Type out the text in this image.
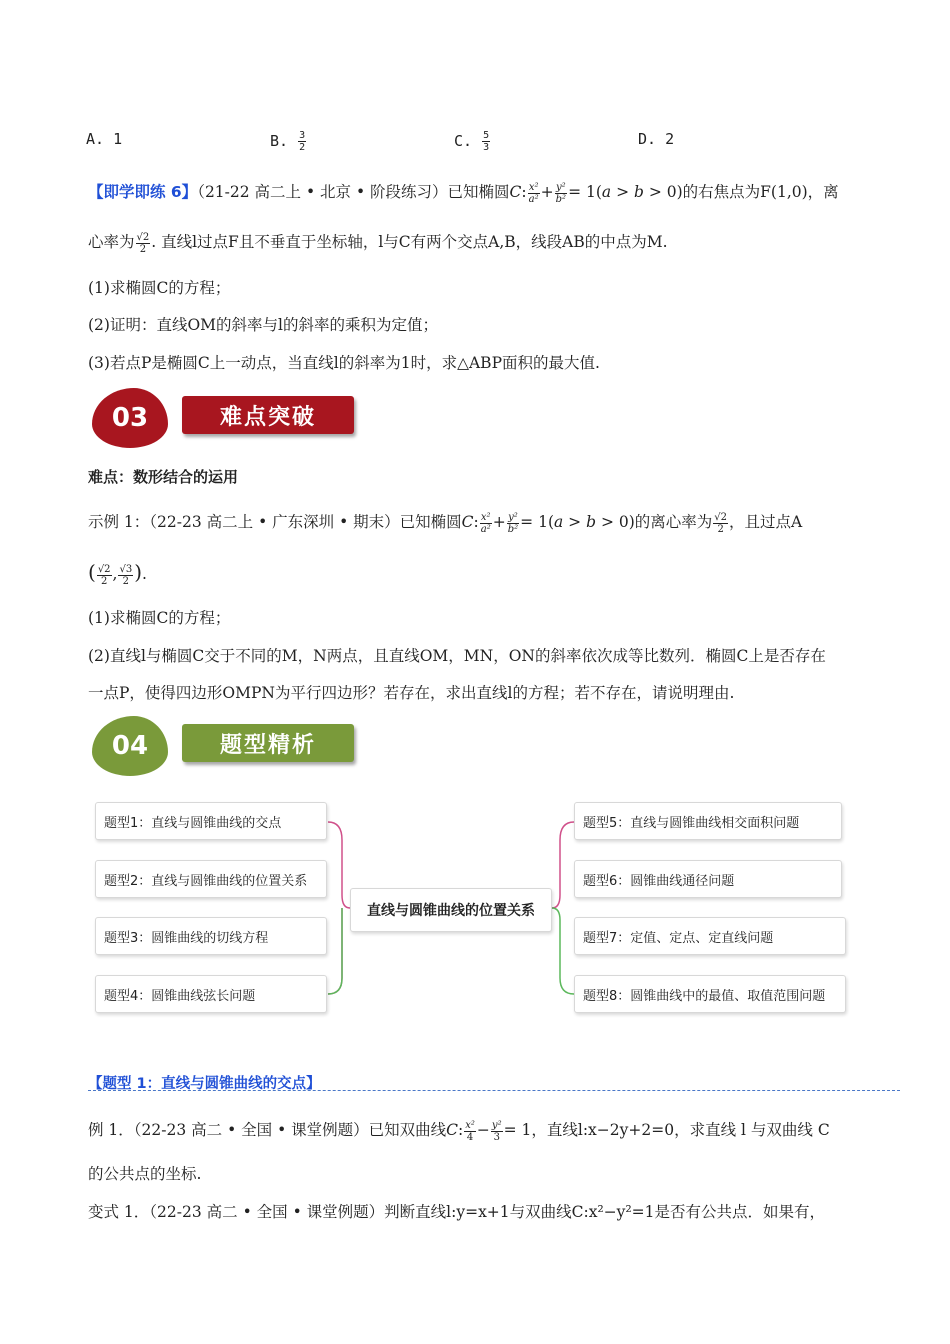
A. 1	B. $\frac{3}{2}$	C. $\frac{5}{3}$	D. 2
【即学即练 6】（21-22 高二上 • 北京 • 阶段练习）已知椭圆C: $\frac{\text{x²}}{\text{a²}} + \frac{\text{y²}}{\text{b²}} = 1(a > b > 0)$的右焦点为F(1,0)，离
心率为 $\frac{√2}{2}$ . 直线l过点F且不垂直于坐标轴，l与C有两个交点A,B，线段AB的中点为M.
(1)求椭圆C的方程；
(2)证明：直线OM的斜率与l的斜率的乘积为定值；
(3)若点P是椭圆C上一动点，当直线l的斜率为1时，求△ABP面积的最大值.
03	难点突破
难点：数形结合的运用
示例 1：（22-23 高二上 • 广东深圳 • 期末）已知椭圆C: $\frac{\text{x²}}{\text{a²}} + \frac{\text{y²}}{\text{b²}} = 1(a > b > 0)$的离心率为 $\frac{√2}{2}$ ，且过点A
( $\frac{√2}{2}$ , $\frac{√3}{2}$ ).
(1)求椭圆C的方程；
(2)直线l与椭圆C交于不同的M，N两点，且直线OM，MN，ON的斜率依次成等比数列．椭圆C上是否存在
一点P，使得四边形OMPN为平行四边形？若存在，求出直线l的方程；若不存在，请说明理由.
04	题型精析
题型1：直线与圆锥曲线的交点
题型2：直线与圆锥曲线的位置关系
题型3：圆锥曲线的切线方程
题型4：圆锥曲线弦长问题
直线与圆锥曲线的位置关系
题型5：直线与圆锥曲线相交面积问题
题型6：圆锥曲线通径问题
题型7：定值、定点、定直线问题
题型8：圆锥曲线中的最值、取值范围问题
【题型 1：直线与圆锥曲线的交点】
例 1．（22-23 高二 • 全国 • 课堂例题）已知双曲线C: $\frac{\text{x²}}{4} - \frac{\text{y²}}{3} = 1$，直线l:x−2y+2=0，求直线 l 与双曲线 C
的公共点的坐标.
变式 1．（22-23 高二 • 全国 • 课堂例题）判断直线l:y=x+1与双曲线C:x²−y²=1是否有公共点．如果有，
